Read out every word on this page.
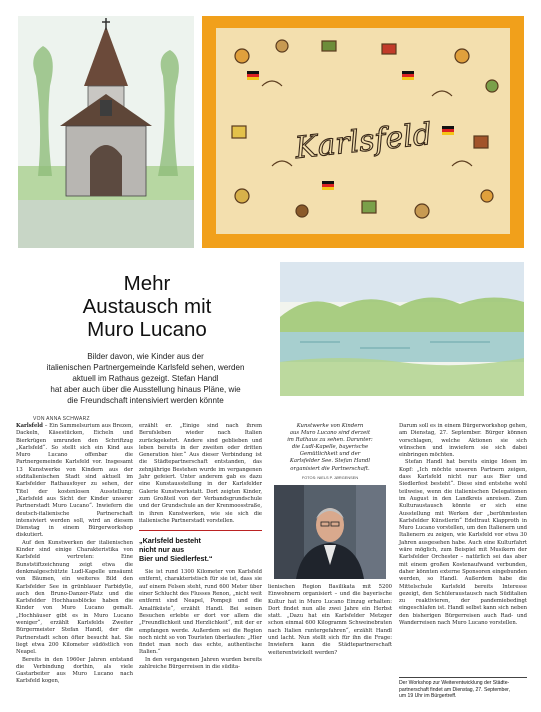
Karlsfeld
Mehr
Austausch mit
Muro Lucano
Bilder davon, wie Kinder aus der
italienischen Partnergemeinde Karlsfeld sehen, werden
aktuell im Rathaus gezeigt. Stefan Handl
hat aber auch über die Ausstellung hinaus Pläne, wie
die Freundschaft intensiviert werden könnte
VON ANNA SCHWARZ

Karlsfeld – Ein Sammelsurium aus Brezen, Dackeln, Käsestücken, Eicheln und Bierkrügen umrunden den Schriftzug „Karlsfeld“. So stellt sich ein Kind aus Muro Lucano offenbar die Partnergemeinde Karlsfeld vor. Insgesamt 13 Kunstwerke von Kindern aus der süditalienischen Stadt sind aktuell im Karlsfelder Rathausfoyer zu sehen, der Titel der kostenlosen Ausstellung: „Karlsfeld aus Sicht der Kinder unserer Partnerstadt Muro Lucano“. Inwiefern die deutsch-italienische Partnerschaft intensiviert werden soll, wird an diesem Dienstag in einem Bürgerworkshop diskutiert.

Auf den Kunstwerken der italienischen Kinder sind einige Charakteristika von Karlsfeld vertreten: Eine Bunststiftzeichnung zeigt etwa die denkmalgeschützte Ludl-Kapelle umsäumt von Bäumen, ein weiteres Bild den Karlsfelder See in grünblauer Farbidylle, auch den Bruno-Danzer-Platz und die Karlsfelder Hochhausblöcke haben die Kinder von Muro Lucano gemalt. „Hochhäuser gibt es in Muro Lucano weniger“, erzählt Karlsfelds Zweiter Bürgermeister Stefan Handl, der die Partnerstadt schon öfter besucht hat. Sie liegt etwa 200 Kilometer südöstlich von Neapel.

Bereits in den 1960er Jahren entstand die Verbindung dorthin, als viele Gastarbeiter aus Muro Lucano nach Karlsfeld kogen,

erzählt er. „Einige sind nach ihrem Berufsleben wieder nach Italien zurückgekehrt. Andere sind geblieben und leben bereits in der zweiten oder dritten Generation hier.“ Aus dieser Verbindung ist die Städtepartnerschaft entstanden, das zehnjährige Bestehen wurde im vergangenen Jahr gefeiert. Unter anderem gab es dazu eine Kunstausstellung in der Karlsfelder Galerie Kunstwerkstatt. Dort zeigten Kinder, zum Großteil von der Verbandsgrundschule und der Grundschule an der Krenmoosstraße, in ihren Kunstwerken, wie sie sich die italienische Partnerstadt vorstellen.

„Karlsfeld besteht
nicht nur aus
Bier und Siedlerfest.“

Sie ist rund 1300 Kilometer von Karlsfeld entfernt, charakteristisch für sie ist, dass sie auf einem Felsen steht, rund 600 Meter über einer Schlucht des Flusses Renon, „nicht weit entfernt sind Neapel, Pompeji und die Amalfiküste“, erzählt Handl. Bei seinen Besuchen erlebte er dort vor allem die „Freundlichkeit und Herzlichkeit“, mit der er empfangen werde. Außerdem sei die Region noch nicht so von Touristen überlaufen: „Hier findet man noch das echte, authentische Italien.“

In den vergangenen Jahren wurden bereits zahlreiche Bürgerreisen in die südita-

Kunstwerke von Kindern
aus Muro Lucano sind derzeit
im Rathaus zu sehen. Darunter:
die Ludl-Kapelle, bayerische
Gemütlichkeit und der
Karlsfelder See. Stefan Handl
organisiert die Partnerschaft.
FOTOS: NIELS P. JØRGENSEN

lienischen Region Basilikata mit 5200 Einwohnern organisiert – und die bayerische Kultur hat in Muro Lucano Einzug erhalten: Dort findet nun alle zwei Jahre ein Herbst statt. „Dazu hat ein Karlsfelder Metzger schon einmal 600 Kilogramm Schweinebraten nach Italien runtergefahren“, erzählt Handl und lacht. Nun stellt sich für ihn die Frage: Inwiefern kann die Städtepartnerschaft weiterentwickelt werden?

Darum soll es in einem Bürgerworkshop gehen, am Dienstag, 27. September. Bürger können vorschlagen, welche Aktionen sie sich wünschen und inwiefern sie sich dabei einbringen möchten.

Stefan Handl hat bereits einige Ideen im Kopf: „Ich möchte unseren Partnern zeigen, dass Karlsfeld nicht nur aus Bier und Siedlerfest besteht“. Diese sind entstehe wohl teilweise, wenn die italienischen Delegationen im August in den Landkreis anreisen. Zum Kulturaustausch könnte er sich eine Ausstellung mit Werken der „berühmtesten Karlsfelder Künstlerin“ Edeltraut Klapproth in Muro Lucano vorstellen, um den Italienern und Italienern zu zeigen, wie Karlsfeld vor etwa 30 Jahren ausgesehen habe. Auch eine Kulturfahrt wäre möglich, zum Beispiel mit Musikern der Karlsfelder Orchester – natürlich sei das aber mit einem großen Kostenaufwand verbunden, daher könnten externe Sponsoren eingebunden werden, so Handl. Außerdem habe die Mittelschule Karlsfeld bereits Interesse gezeigt, den Schüleraustausch nach Süditalien zu reaktivieren, der pandemiebedingt eingeschlafen ist. Handl selbst kann sich neben den bisherigen Bürgerreisen auch Rad- und Wanderreisen nach Muro Lucano vorstellen.

Der Workshop zur Weiterentwicklung der Städte-
partnerschaft findet am Dienstag, 27. September,
um 19 Uhr im Bürgertreff.
